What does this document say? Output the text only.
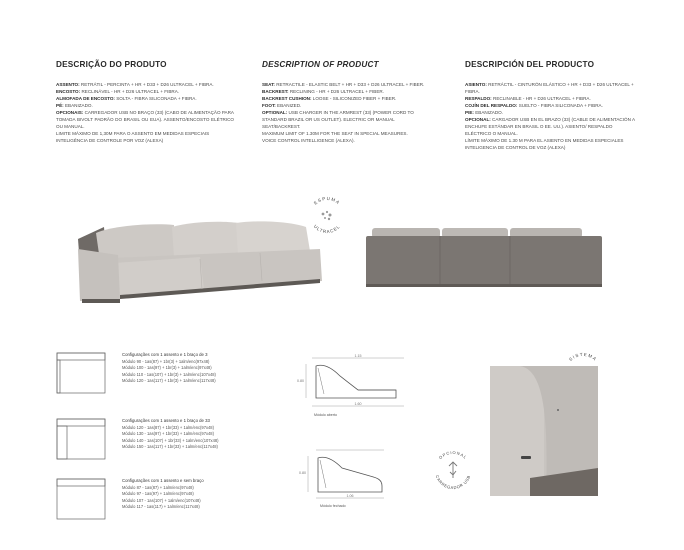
DESCRIÇÃO DO PRODUTO

ASSENTO: RETRÁTIL - PERCINTA + HR + D33 + D26 ULTRACEL + FIBRA.

ENCOSTO: RECLINÁVEL - HR + D26 ULTRACEL + FIBRA.

ALMOFADA DE ENCOSTO: SOLTA - FIBRA SILICONADA + FIBRA.

PÉ: EBANIZADO.

OPCIONAIS: CARREGADOR USB NO BRAÇO (33) (CABO DE ALIMENTAÇÃO PARA TOMADA BIVOLT PADRÃO DO BRASIL OU EUA). ASSENTO/ENCOSTO ELÉTRICO OU MANUAL.

LIMITE MÁXIMO DE 1,30M PARA O ASSENTO EM MEDIDAS ESPECIAIS

INTELIGÊNCIA DE CONTROLE POR VOZ (ALEXA)

DESCRIPTION OF PRODUCT

SEAT: RETRACTILE - ELASTIC BELT + HR + D33 + D26 ULTRACEL + FIBER.

BACKREST: RECLINING - HR + D26 ULTRACEL + FIBER.

BACKREST CUSHION: LOOSE - SILICONIZED FIBER + FIBER.

FOOT: EBANIZED.

OPTIONAL: USB CHARGER IN THE ARMREST (33) (POWER CORD TO STANDARD BRAZIL OR US OUTLET). ELECTRIC OR MANUAL SEAT/BACKREST.

MAXIMUM LIMIT OF 1.30M FOR THE SEAT IN SPECIAL MEASURES.

VOICE CONTROL INTELLIGENCE (ALEXA).

DESCRIPCIÓN DEL PRODUCTO

ASIENTO: RETRÁCTIL - CINTURÓN ELÁSTICO + HR + D33 + D26 ULTRACEL + FIBRA.

RESPALDO: RECLINABLE - HR + D26 ULTRACEL + FIBRA.

COJÍN DEL RESPALDO: SUELTO - FIBRA SILICONADA + FIBRA.

PIE: EBANIZADO.

OPCIONAL: CARGADOR USB EN EL BRAZO (33) (CABLE DE ALIMENTACIÓN A ENCHUFE ESTÁNDAR EN BRASIL O EE. UU.). ASIENTO/ RESPALDO ELÉCTRICO O MANUAL.

LÍMITE MÁXIMO DE 1.30 M PARA EL ASIENTO EN MEDIDAS ESPECIALES

INTELIGENCIA DE CONTROL DE VOZ (ALEXA)

ESPUMA
ULTRACEL
Configurações com 1 assento e 1 braço de 3
Módulo 90 - 1as(87) + 1br(3) + 1alm/enc(97x48)
Módulo 100 - 1as(97) + 1br(3) + 1alm/enc(97x48)
Módulo 110 - 1as(107) + 1br(3) + 1alm/enc(107x48)
Módulo 120 - 1as(117) + 1br(3) + 1alm/enc(117x48)
Configurações com 1 assento e 1 braço de 33
Módulo 120 - 1as(87) + 1br(33) + 1alm/enc(97x48)
Módulo 130 - 1as(97) + 1br(33) + 1alm/enc(97x48)
Módulo 140 - 1as(107) + 1br(33) + 1alm/enc(107x48)
Módulo 150 - 1as(117) + 1br(33) + 1alm/enc(117x48)
Configurações com 1 assento e sem braço
Módulo 87 - 1as(87) + 1alm/enc(97x48)
Módulo 97 - 1as(97) + 1alm/enc(97x48)
Módulo 107 - 1as(107) + 1alm/enc(107x48)
Módulo 117 - 1as(117) + 1alm/enc(117x48)
1.15
0.80
1.60
Módulo aberto
0.80
1.06
Módulo fechado
SISTEMA
OPCIONAL
CARREGADOR USB
